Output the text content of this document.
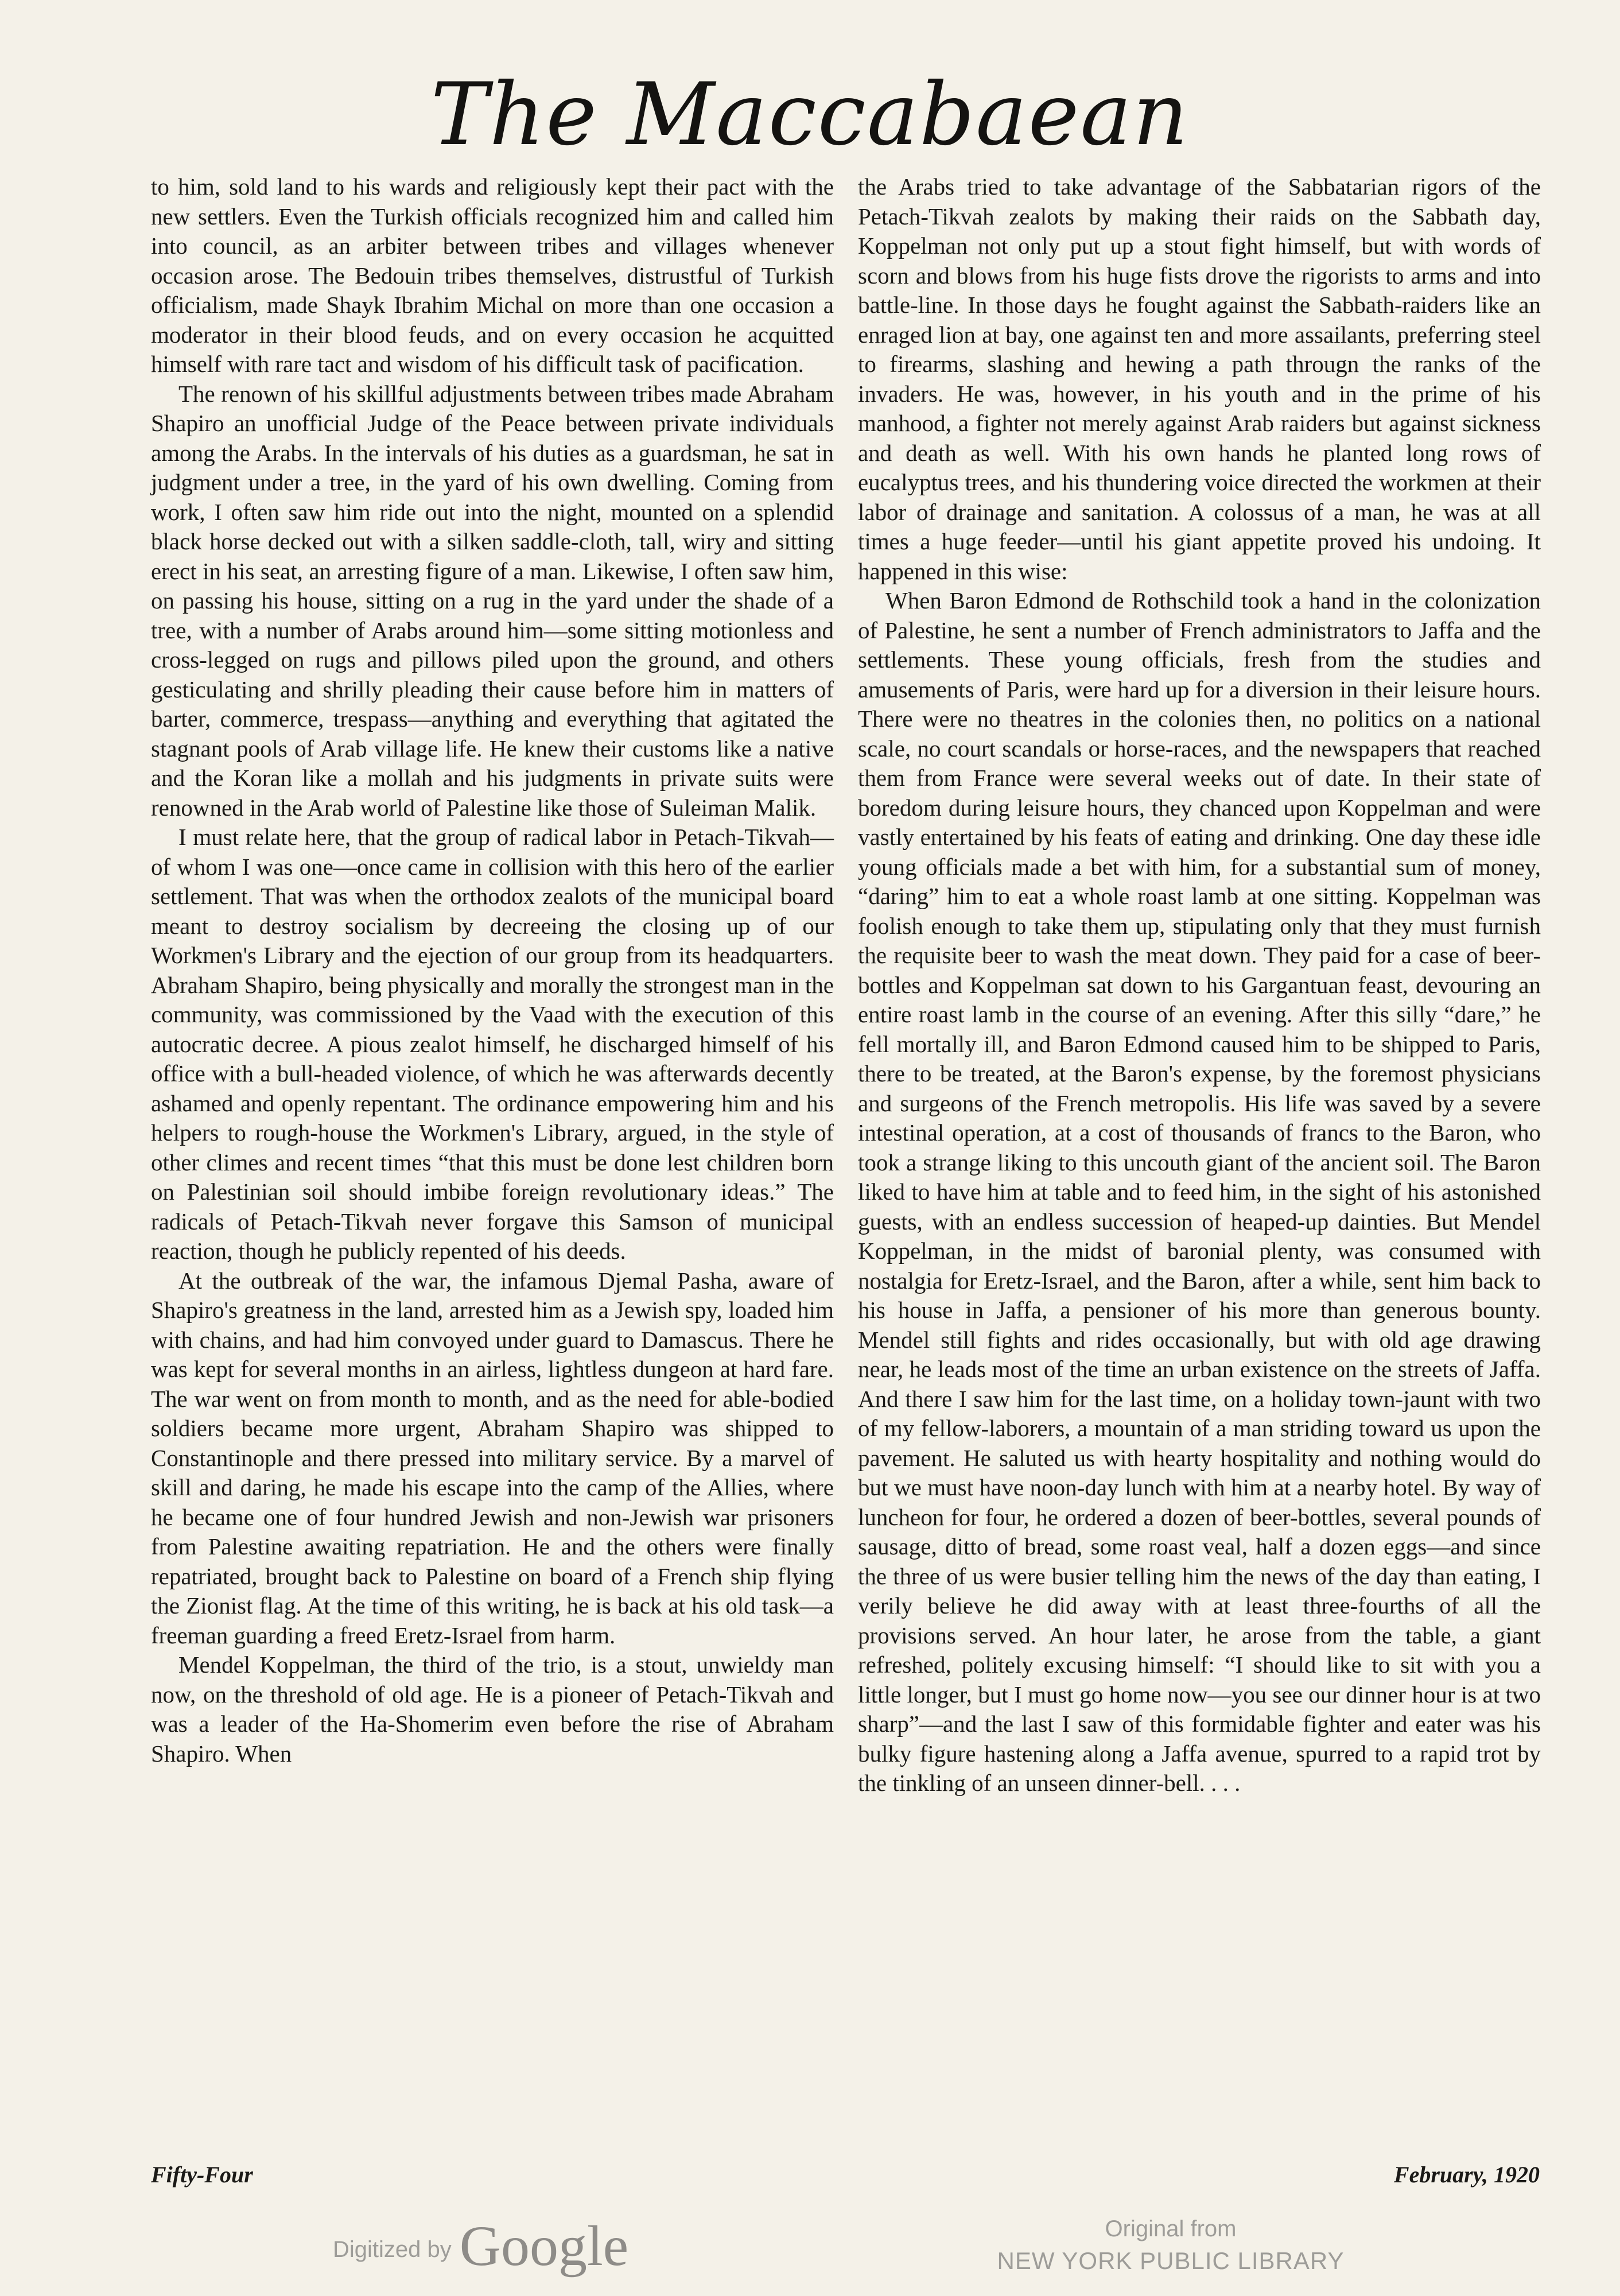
The Maccabaean

to him, sold land to his wards and religiously kept their pact with the new settlers. Even the Turkish officials recognized him and called him into council, as an arbiter between tribes and villages whenever occasion arose. The Bedouin tribes themselves, distrustful of Turkish officialism, made Shayk Ibrahim Michal on more than one occasion a moderator in their blood feuds, and on every occasion he acquitted himself with rare tact and wisdom of his difficult task of pacification.

The renown of his skillful adjustments between tribes made Abraham Shapiro an unofficial Judge of the Peace between private individuals among the Arabs. In the intervals of his duties as a guardsman, he sat in judgment under a tree, in the yard of his own dwelling. Coming from work, I often saw him ride out into the night, mounted on a splendid black horse decked out with a silken saddle-cloth, tall, wiry and sitting erect in his seat, an arresting figure of a man. Likewise, I often saw him, on passing his house, sitting on a rug in the yard under the shade of a tree, with a number of Arabs around him—some sitting motionless and cross-legged on rugs and pillows piled upon the ground, and others gesticulating and shrilly pleading their cause before him in matters of barter, commerce, trespass—anything and everything that agitated the stagnant pools of Arab village life. He knew their customs like a native and the Koran like a mollah and his judgments in private suits were renowned in the Arab world of Palestine like those of Suleiman Malik.

I must relate here, that the group of radical labor in Petach-Tikvah—of whom I was one—once came in collision with this hero of the earlier settlement. That was when the orthodox zealots of the municipal board meant to destroy socialism by decreeing the closing up of our Workmen's Library and the ejection of our group from its headquarters. Abraham Shapiro, being physically and morally the strongest man in the community, was commissioned by the Vaad with the execution of this autocratic decree. A pious zealot himself, he discharged himself of his office with a bull-headed violence, of which he was afterwards decently ashamed and openly repentant. The ordinance empowering him and his helpers to rough-house the Workmen's Library, argued, in the style of other climes and recent times “that this must be done lest children born on Palestinian soil should imbibe foreign revolutionary ideas.” The radicals of Petach-Tikvah never forgave this Samson of municipal reaction, though he publicly repented of his deeds.

At the outbreak of the war, the infamous Djemal Pasha, aware of Shapiro's greatness in the land, arrested him as a Jewish spy, loaded him with chains, and had him convoyed under guard to Damascus. There he was kept for several months in an airless, lightless dungeon at hard fare. The war went on from month to month, and as the need for able-bodied soldiers became more urgent, Abraham Shapiro was shipped to Constantinople and there pressed into military service. By a marvel of skill and daring, he made his escape into the camp of the Allies, where he became one of four hundred Jewish and non-Jewish war prisoners from Palestine awaiting repatriation. He and the others were finally repatriated, brought back to Palestine on board of a French ship flying the Zionist flag. At the time of this writing, he is back at his old task—a freeman guarding a freed Eretz-Israel from harm.

Mendel Koppelman, the third of the trio, is a stout, unwieldy man now, on the threshold of old age. He is a pioneer of Petach-Tikvah and was a leader of the Ha-Shomerim even before the rise of Abraham Shapiro. When

the Arabs tried to take advantage of the Sabbatarian rigors of the Petach-Tikvah zealots by making their raids on the Sabbath day, Koppelman not only put up a stout fight himself, but with words of scorn and blows from his huge fists drove the rigorists to arms and into battle-line. In those days he fought against the Sabbath-raiders like an enraged lion at bay, one against ten and more assailants, preferring steel to firearms, slashing and hewing a path througn the ranks of the invaders. He was, however, in his youth and in the prime of his manhood, a fighter not merely against Arab raiders but against sickness and death as well. With his own hands he planted long rows of eucalyptus trees, and his thundering voice directed the workmen at their labor of drainage and sanitation. A colossus of a man, he was at all times a huge feeder—until his giant appetite proved his undoing. It happened in this wise:

When Baron Edmond de Rothschild took a hand in the colonization of Palestine, he sent a number of French administrators to Jaffa and the settlements. These young officials, fresh from the studies and amusements of Paris, were hard up for a diversion in their leisure hours. There were no theatres in the colonies then, no politics on a national scale, no court scandals or horse-races, and the newspapers that reached them from France were several weeks out of date. In their state of boredom during leisure hours, they chanced upon Koppelman and were vastly entertained by his feats of eating and drinking. One day these idle young officials made a bet with him, for a substantial sum of money, “daring” him to eat a whole roast lamb at one sitting. Koppelman was foolish enough to take them up, stipulating only that they must furnish the requisite beer to wash the meat down. They paid for a case of beer-bottles and Koppelman sat down to his Gargantuan feast, devouring an entire roast lamb in the course of an evening. After this silly “dare,” he fell mortally ill, and Baron Edmond caused him to be shipped to Paris, there to be treated, at the Baron's expense, by the foremost physicians and surgeons of the French metropolis. His life was saved by a severe intestinal operation, at a cost of thousands of francs to the Baron, who took a strange liking to this uncouth giant of the ancient soil. The Baron liked to have him at table and to feed him, in the sight of his astonished guests, with an endless succession of heaped-up dainties. But Mendel Koppelman, in the midst of baronial plenty, was consumed with nostalgia for Eretz-Israel, and the Baron, after a while, sent him back to his house in Jaffa, a pensioner of his more than generous bounty. Mendel still fights and rides occasionally, but with old age drawing near, he leads most of the time an urban existence on the streets of Jaffa. And there I saw him for the last time, on a holiday town-jaunt with two of my fellow-laborers, a mountain of a man striding toward us upon the pavement. He saluted us with hearty hospitality and nothing would do but we must have noon-day lunch with him at a nearby hotel. By way of luncheon for four, he ordered a dozen of beer-bottles, several pounds of sausage, ditto of bread, some roast veal, half a dozen eggs—and since the three of us were busier telling him the news of the day than eating, I verily believe he did away with at least three-fourths of all the provisions served. An hour later, he arose from the table, a giant refreshed, politely excusing himself: “I should like to sit with you a little longer, but I must go home now—you see our dinner hour is at two sharp”—and the last I saw of this formidable fighter and eater was his bulky figure hastening along a Jaffa avenue, spurred to a rapid trot by the tinkling of an unseen dinner-bell. . . .

Fifty-Four	February, 1920
Digitized by Google	Original from
NEW YORK PUBLIC LIBRARY
